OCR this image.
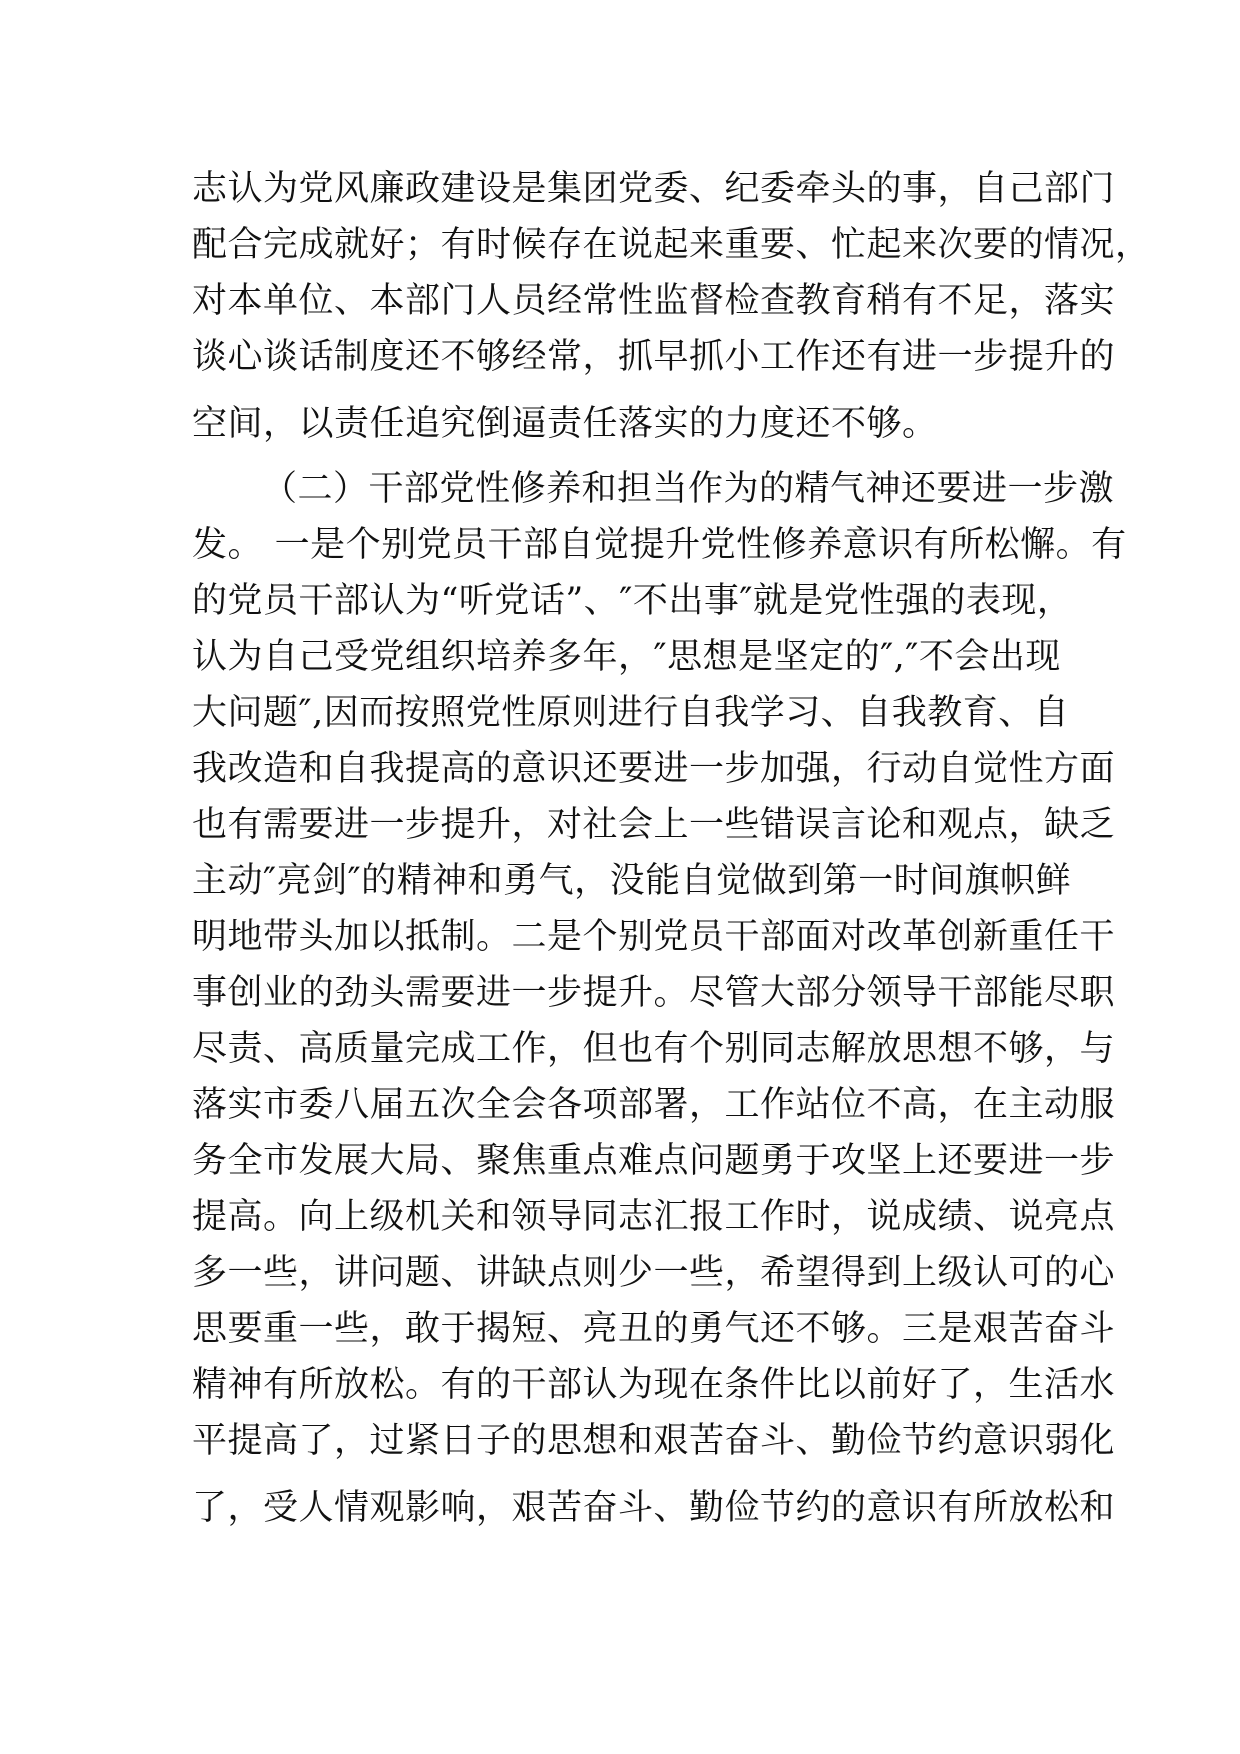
志认为党风廉政建设是集团党委、纪委牵头的事，自己部门
配合完成就好；有时候存在说起来重要、忙起来次要的情况，
对本单位、本部门人员经常性监督检查教育稍有不足，落实
谈心谈话制度还不够经常，抓早抓小工作还有进一步提升的
空间，以责任追究倒逼责任落实的力度还不够。
（二）干部党性修养和担当作为的精气神还要进一步激
发。 一是个别党员干部自觉提升党性修养意识有所松懈。有
的党员干部认为“听党话”、″不出事″就是党性强的表现，
认为自己受党组织培养多年，″思想是坚定的″,″不会出现
大问题″,因而按照党性原则进行自我学习、自我教育、自
我改造和自我提高的意识还要进一步加强，行动自觉性方面
也有需要进一步提升，对社会上一些错误言论和观点，缺乏
主动″亮剑″的精神和勇气，没能自觉做到第一时间旗帜鲜
明地带头加以抵制。二是个别党员干部面对改革创新重任干
事创业的劲头需要进一步提升。尽管大部分领导干部能尽职
尽责、高质量完成工作，但也有个别同志解放思想不够，与
落实市委八届五次全会各项部署，工作站位不高，在主动服
务全市发展大局、聚焦重点难点问题勇于攻坚上还要进一步
提高。向上级机关和领导同志汇报工作时，说成绩、说亮点
多一些，讲问题、讲缺点则少一些，希望得到上级认可的心
思要重一些，敢于揭短、亮丑的勇气还不够。三是艰苦奋斗
精神有所放松。有的干部认为现在条件比以前好了，生活水
平提高了，过紧日子的思想和艰苦奋斗、勤俭节约意识弱化
了，受人情观影响，艰苦奋斗、勤俭节约的意识有所放松和
